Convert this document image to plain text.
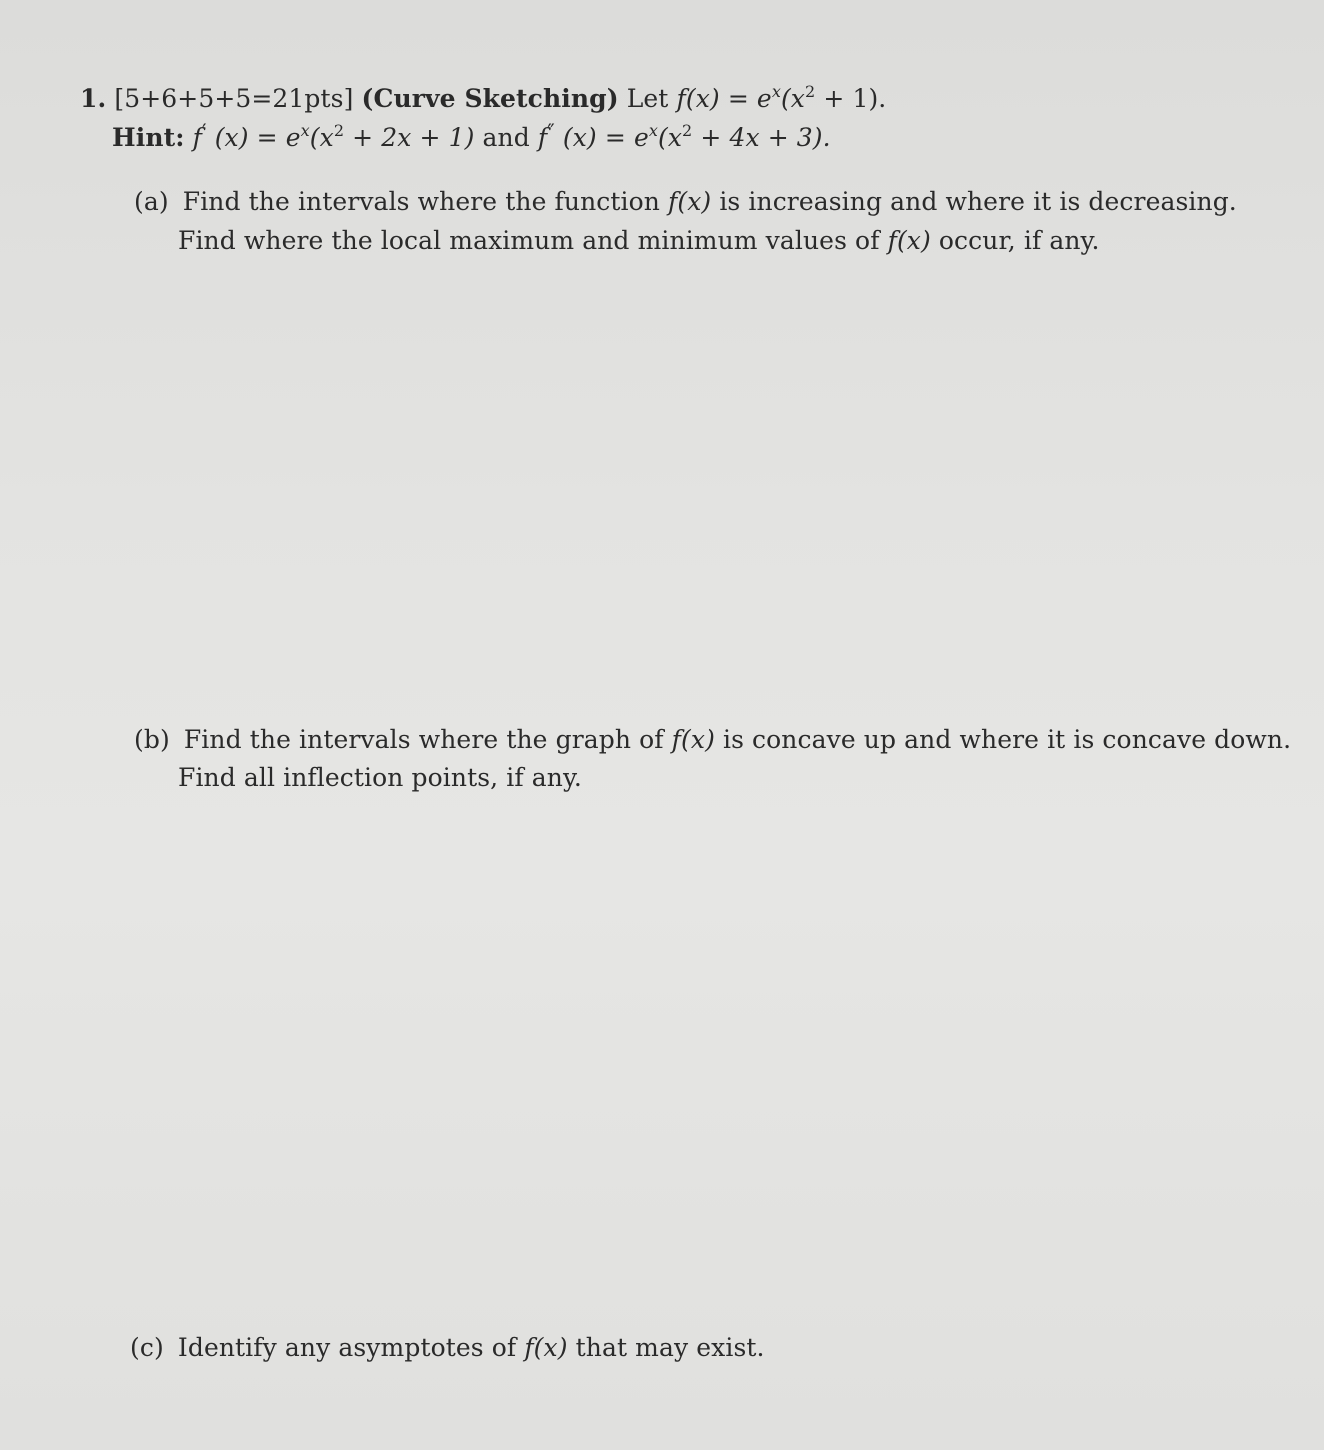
1. [5+6+5+5=21pts] (Curve Sketching) Let $f(x) = e^x(x^2 + 1)$.
Hint: f′ $(x) = e^x(x^2 + 2x + 1)$ and f″ $(x) = e^x(x^2 + 4x + 3)$.
(a) Find the intervals where the function f(x) is increasing and where it is decreasing.
Find where the local maximum and minimum values of f(x) occur, if any.
(b) Find the intervals where the graph of f(x) is concave up and where it is concave down.
Find all inflection points, if any.
(c) Identify any asymptotes of f(x) that may exist.
